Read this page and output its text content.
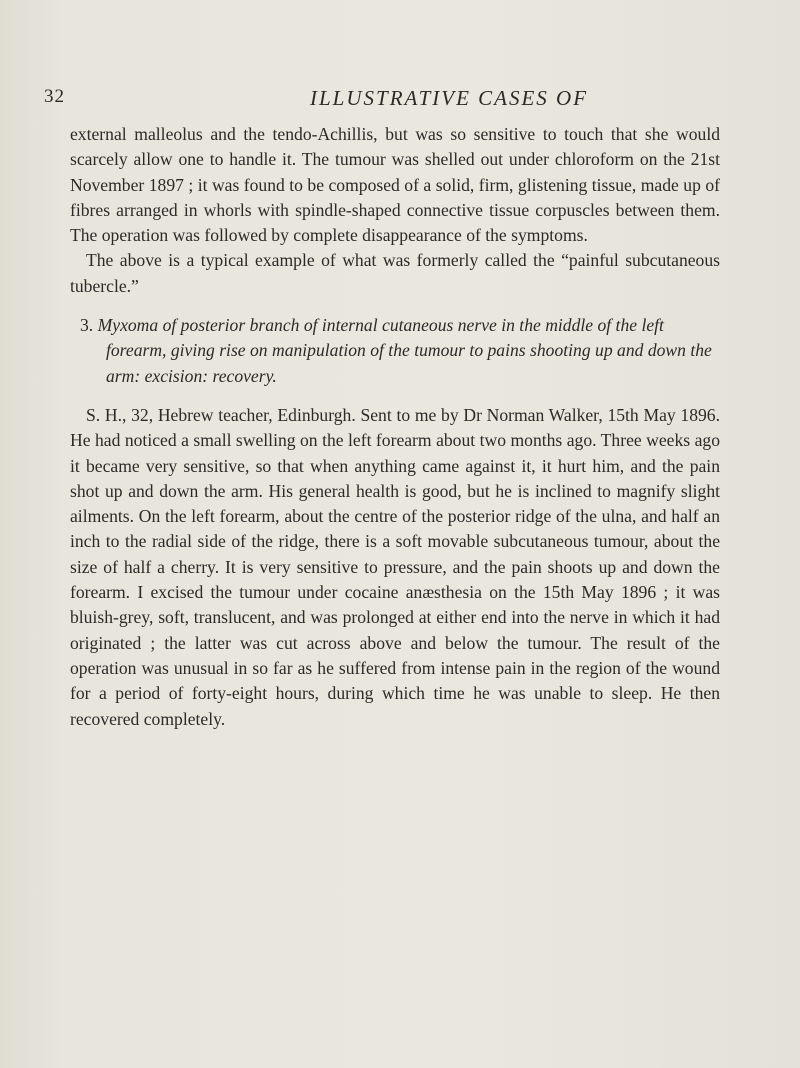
32	ILLUSTRATIVE CASES OF

external malleolus and the tendo-Achillis, but was so sensitive to touch that she would scarcely allow one to handle it. The tumour was shelled out under chloroform on the 21st November 1897 ; it was found to be composed of a solid, firm, glistening tissue, made up of fibres arranged in whorls with spindle-shaped connective tissue corpuscles between them. The operation was followed by complete disappearance of the symptoms.

The above is a typical example of what was formerly called the “painful subcutaneous tubercle.”

3. Myxoma of posterior branch of internal cutaneous nerve in the middle of the left forearm, giving rise on manipulation of the tumour to pains shooting up and down the arm: excision: recovery.

S. H., 32, Hebrew teacher, Edinburgh. Sent to me by Dr Norman Walker, 15th May 1896. He had noticed a small swelling on the left forearm about two months ago. Three weeks ago it became very sensitive, so that when anything came against it, it hurt him, and the pain shot up and down the arm. His general health is good, but he is inclined to magnify slight ailments. On the left forearm, about the centre of the posterior ridge of the ulna, and half an inch to the radial side of the ridge, there is a soft movable subcutaneous tumour, about the size of half a cherry. It is very sensitive to pressure, and the pain shoots up and down the forearm. I excised the tumour under cocaine anæsthesia on the 15th May 1896 ; it was bluish-grey, soft, translucent, and was prolonged at either end into the nerve in which it had originated ; the latter was cut across above and below the tumour. The result of the operation was unusual in so far as he suffered from intense pain in the region of the wound for a period of forty-eight hours, during which time he was unable to sleep. He then recovered completely.
